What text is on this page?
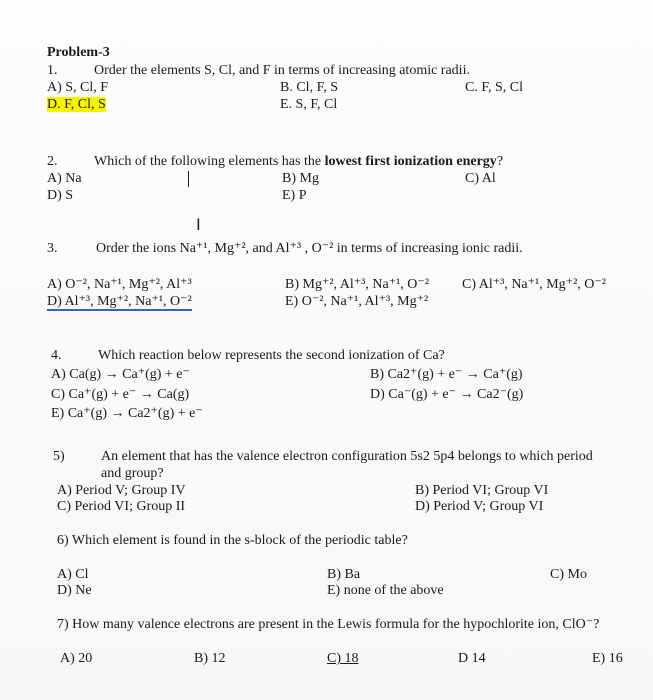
Problem-3
1.	Order the elements S, Cl, and F in terms of increasing atomic radii.
A) S, Cl, F	B. Cl, F, S	C. F, S, Cl
D. F, Cl, S	E. S, F, Cl
2.	Which of the following elements has the lowest first ionization energy?
A) Na	B) Mg	C) Al
D) S	E) P
I
3.	Order the ions Na⁺¹, Mg⁺², and Al⁺³ , O⁻² in terms of increasing ionic radii.
A) O⁻², Na⁺¹, Mg⁺², Al⁺³	B) Mg⁺², Al⁺³, Na⁺¹, O⁻² C) Al⁺³, Na⁺¹, Mg⁺², O⁻²
D) Al⁺³, Mg⁺², Na⁺¹, O⁻²	E) O⁻², Na⁺¹, Al⁺³, Mg⁺²
4.	Which reaction below represents the second ionization of Ca?
A) Ca(g) → Ca⁺(g) + e⁻	B) Ca2⁺(g) + e⁻ → Ca⁺(g)
C) Ca⁺(g) + e⁻ → Ca(g)	D) Ca⁻(g) + e⁻ → Ca2⁻(g)
E) Ca⁺(g) → Ca2⁺(g) + e⁻
5)	An element that has the valence electron configuration 5s2 5p4 belongs to which period
and group?
A) Period V; Group IV	B) Period VI; Group VI
C) Period VI; Group II	D) Period V; Group VI
6) Which element is found in the s-block of the periodic table?
A) Cl	B) Ba	C) Mo
D) Ne	E) none of the above
7) How many valence electrons are present in the Lewis formula for the hypochlorite ion, ClO⁻?
A) 20	B) 12	C) 18	D 14	E) 16
